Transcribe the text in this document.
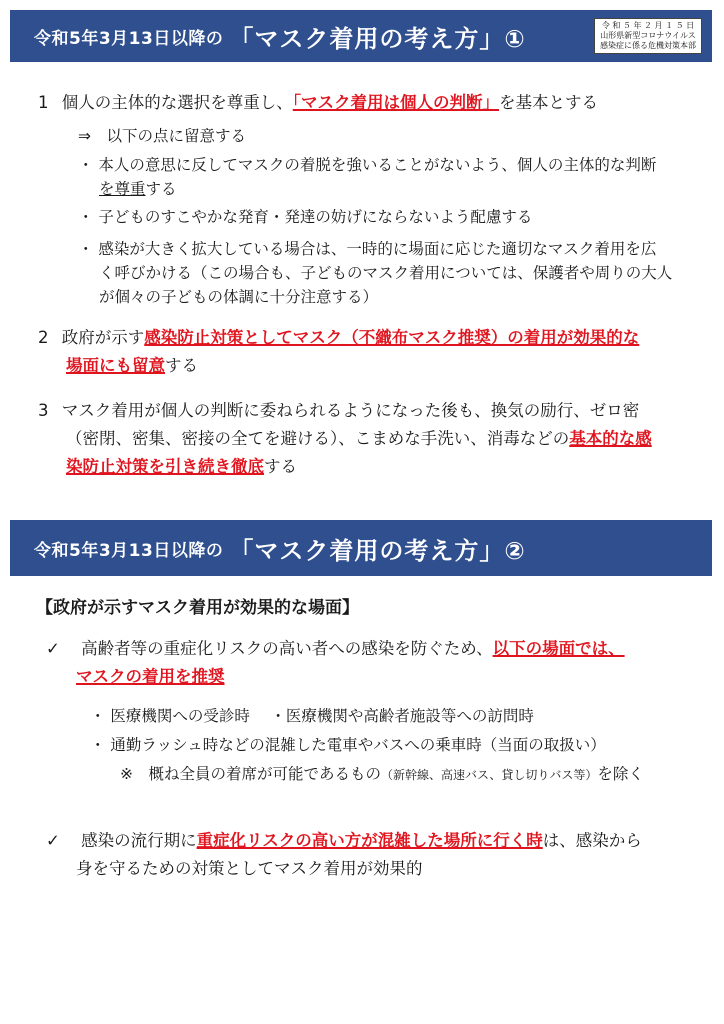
令和5年3月13日以降の 「マスク着用の考え方」①	令 和 ５ 年 ２ 月 １ ５ 日
山形県新型コロナウイルス
感染症に係る危機対策本部
1 個人の主体的な選択を尊重し、「マスク着用は個人の判断」を基本とする
⇒　以下の点に留意する
・ 本人の意思に反してマスクの着脱を強いることがないよう、個人の主体的な判断
を尊重する
・ 子どものすこやかな発育・発達の妨げにならないよう配慮する
・ 感染が大きく拡大している場合は、一時的に場面に応じた適切なマスク着用を広
く呼びかける（この場合も、子どものマスク着用については、保護者や周りの大人
が個々の子どもの体調に十分注意する）
2 政府が示す感染防止対策としてマスク（不織布マスク推奨）の着用が効果的な
場面にも留意する
3 マスク着用が個人の判断に委ねられるようになった後も、換気の励行、ゼロ密
（密閉、密集、密接の全てを避ける）、こまめな手洗い、消毒などの基本的な感
染防止対策を引き続き徹底する
令和5年3月13日以降の 「マスク着用の考え方」②
【政府が示すマスク着用が効果的な場面】
✓ 高齢者等の重症化リスクの高い者への感染を防ぐため、以下の場面では、
マスクの着用を推奨
・ 医療機関への受診時　 ・医療機関や高齢者施設等への訪問時
・ 通勤ラッシュ時などの混雑した電車やバスへの乗車時（当面の取扱い）
※　概ね全員の着席が可能であるもの（新幹線、高速バス、貸し切りバス等）を除く
✓ 感染の流行期に重症化リスクの高い方が混雑した場所に行く時は、感染から
身を守るための対策としてマスク着用が効果的
